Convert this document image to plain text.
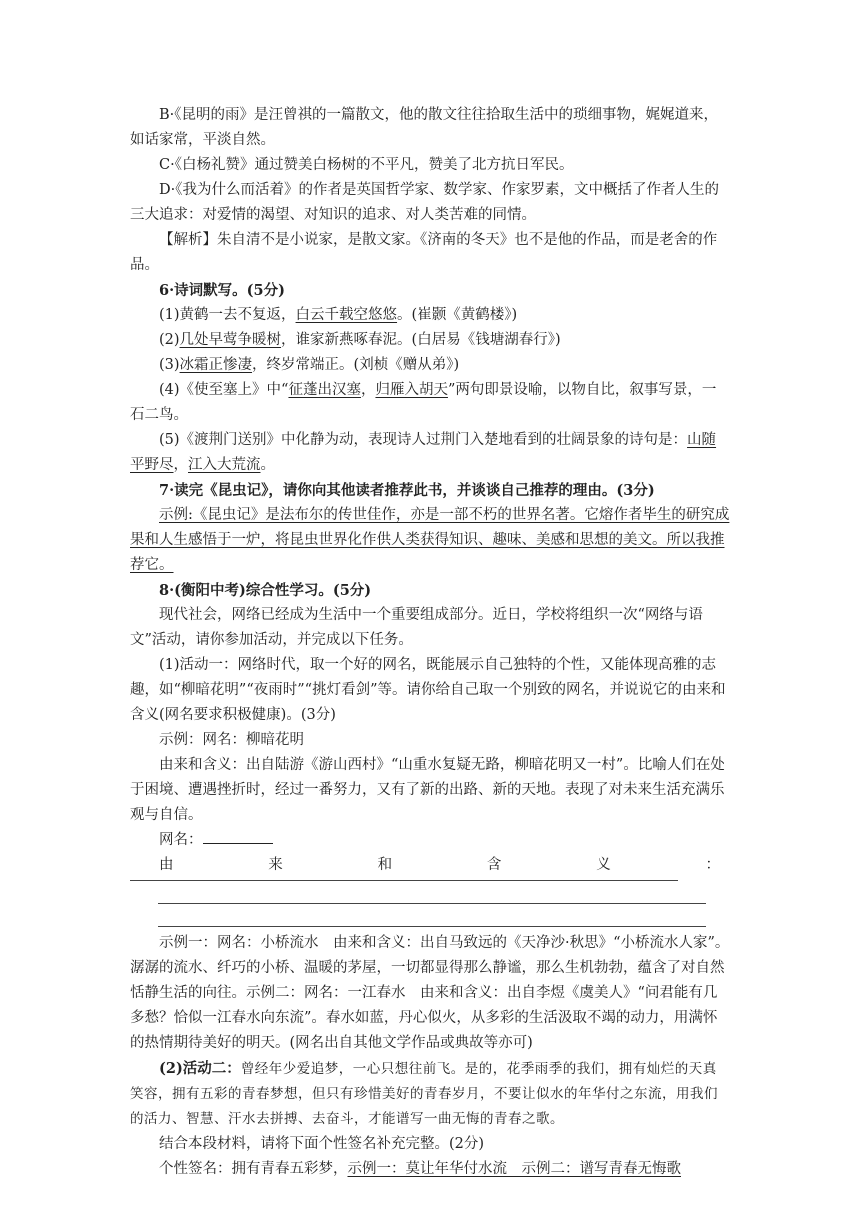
B·《昆明的雨》是汪曾祺的一篇散文，他的散文往往拾取生活中的琐细事物，娓娓道来，如话家常，平淡自然。

C·《白杨礼赞》通过赞美白杨树的不平凡，赞美了北方抗日军民。

D·《我为什么而活着》的作者是英国哲学家、数学家、作家罗素，文中概括了作者人生的三大追求：对爱情的渴望、对知识的追求、对人类苦难的同情。

【解析】朱自清不是小说家，是散文家。《济南的冬天》也不是他的作品，而是老舍的作品。

6·诗词默写。(5分)

(1)黄鹤一去不复返，白云千载空悠悠。(崔颢《黄鹤楼》)

(2)几处早莺争暖树，谁家新燕啄春泥。(白居易《钱塘湖春行》)

(3)冰霜正惨凄，终岁常端正。(刘桢《赠从弟》)

(4)《使至塞上》中“征蓬出汉塞，归雁入胡天”两句即景设喻，以物自比，叙事写景，一石二鸟。

(5)《渡荆门送别》中化静为动，表现诗人过荆门入楚地看到的壮阔景象的诗句是：山随平野尽，江入大荒流。

7·读完《昆虫记》，请你向其他读者推荐此书，并谈谈自己推荐的理由。(3分)

示例:《昆虫记》是法布尔的传世佳作，亦是一部不朽的世界名著。它熔作者毕生的研究成果和人生感悟于一炉，将昆虫世界化作供人类获得知识、趣味、美感和思想的美文。所以我推荐它。

8·(衡阳中考)综合性学习。(5分)

现代社会，网络已经成为生活中一个重要组成部分。近日，学校将组织一次“网络与语文”活动，请你参加活动，并完成以下任务。

(1)活动一：网络时代，取一个好的网名，既能展示自己独特的个性，又能体现高雅的志趣，如“柳暗花明”“夜雨时”“挑灯看剑”等。请你给自己取一个别致的网名，并说说它的由来和含义(网名要求积极健康)。(3分)

示例：网名：柳暗花明

由来和含义：出自陆游《游山西村》“山重水复疑无路，柳暗花明又一村”。比喻人们在处于困境、遭遇挫折时，经过一番努力，又有了新的出路、新的天地。表现了对未来生活充满乐观与自信。

网名：

由	来	和	含	义	：

示例一：网名：小桥流水　由来和含义：出自马致远的《天净沙·秋思》“小桥流水人家”。潺潺的流水、纤巧的小桥、温暖的茅屋，一切都显得那么静谧，那么生机勃勃，蕴含了对自然恬静生活的向往。示例二：网名：一江春水　由来和含义：出自李煜《虞美人》“问君能有几多愁？恰似一江春水向东流”。春水如蓝，丹心似火，从多彩的生活汲取不竭的动力，用满怀的热情期待美好的明天。(网名出自其他文学作品或典故等亦可)

(2)活动二：曾经年少爱追梦，一心只想往前飞。是的，花季雨季的我们，拥有灿烂的天真笑容，拥有五彩的青春梦想，但只有珍惜美好的青春岁月，不要让似水的年华付之东流，用我们的活力、智慧、汗水去拼搏、去奋斗，才能谱写一曲无悔的青春之歌。

结合本段材料，请将下面个性签名补充完整。(2分)

个性签名：拥有青春五彩梦，示例一：莫让年华付水流　示例二：谱写青春无悔歌
